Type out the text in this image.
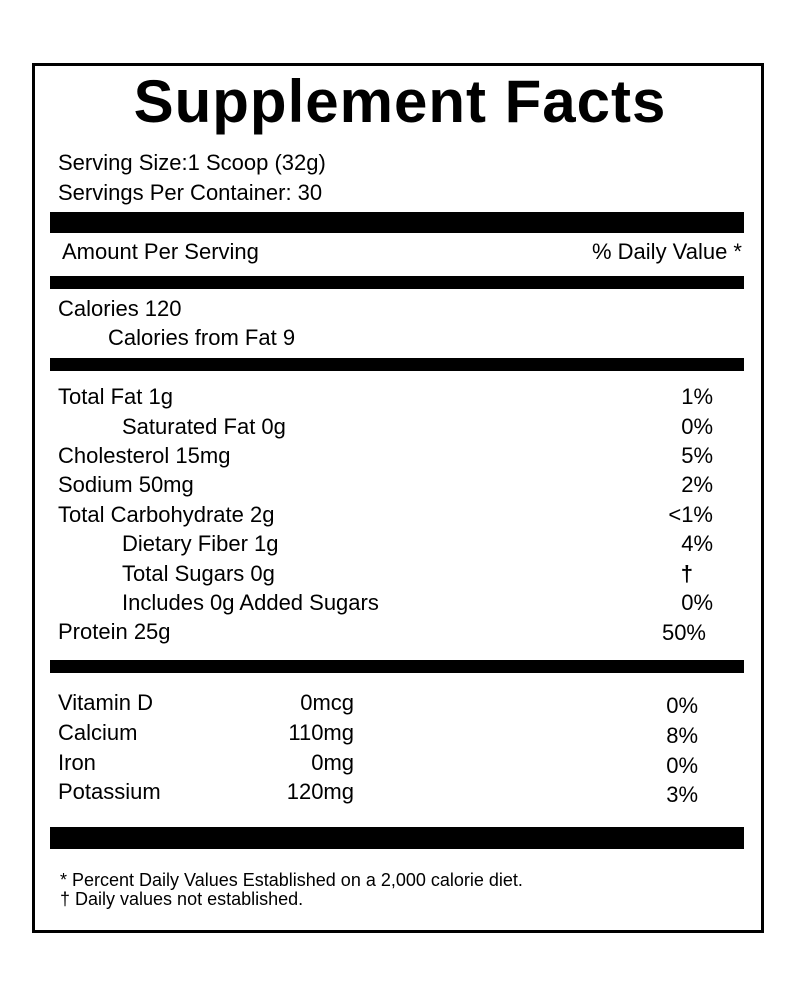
Supplement Facts
Serving Size:1 Scoop (32g)
Servings Per Container: 30
Amount Per Serving	% Daily Value *
Calories 120
Calories from Fat 9
Total Fat 1g	1%
Saturated Fat 0g	0%
Cholesterol 15mg	5%
Sodium 50mg	2%
Total Carbohydrate 2g	<1%
Dietary Fiber 1g	4%
Total Sugars 0g	†
Includes 0g Added Sugars	0%
Protein 25g	50%
Vitamin D	0mcg	0%
Calcium	110mg	8%
Iron	0mg	0%
Potassium	120mg	3%
* Percent Daily Values Established on a 2,000 calorie diet.
† Daily values not established.
